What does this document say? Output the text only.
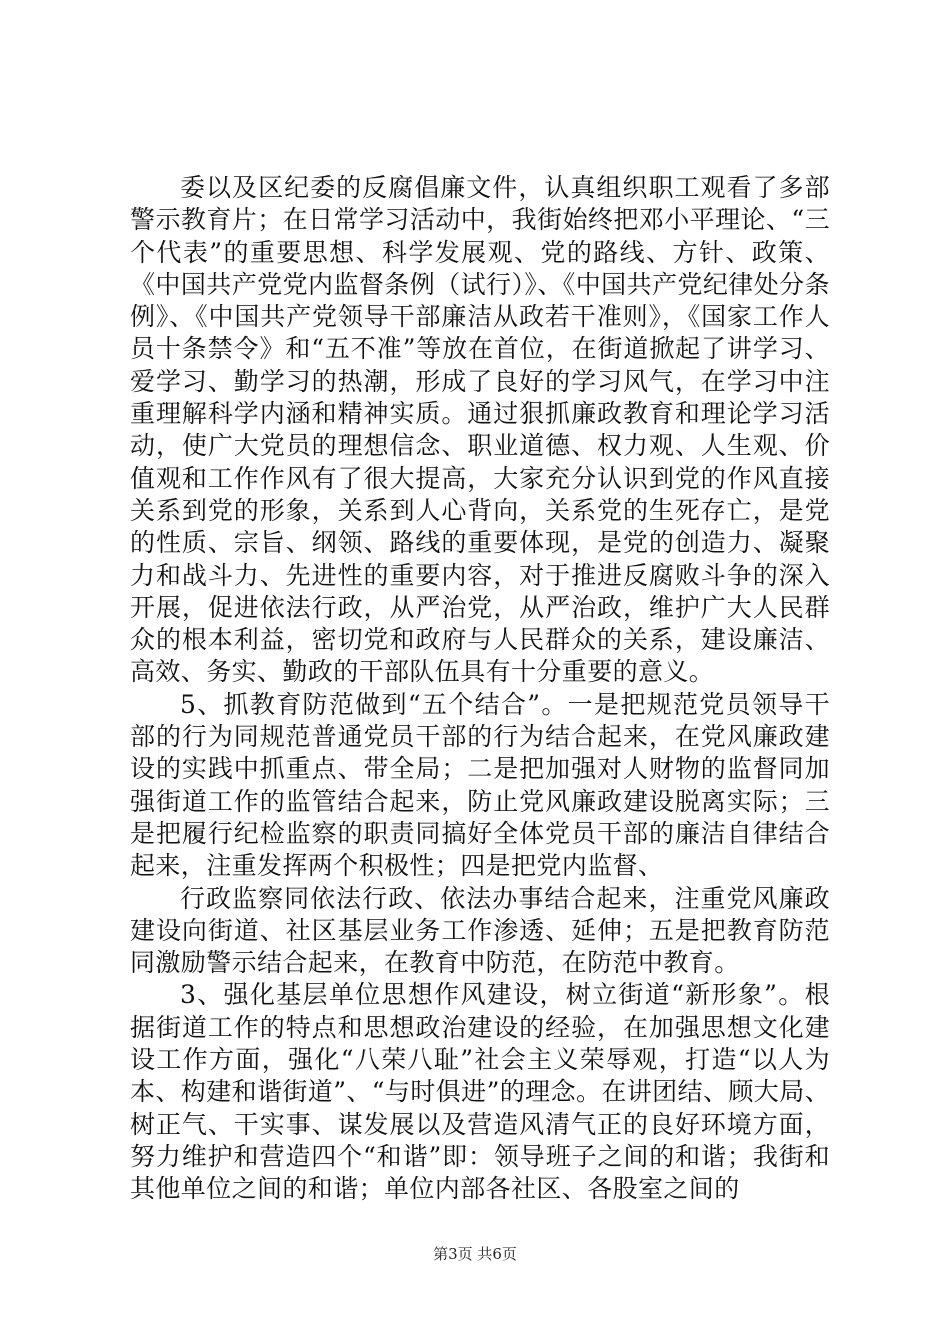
委以及区纪委的反腐倡廉文件，认真组织职工观看了多部警示教育片；在日常学习活动中，我街始终把邓小平理论、“三个代表”的重要思想、科学发展观、党的路线、方针、政策、《中国共产党党内监督条例（试行）》、《中国共产党纪律处分条例》、《中国共产党领导干部廉洁从政若干准则》，《国家工作人员十条禁令》和“五不准”等放在首位，在街道掀起了讲学习、爱学习、勤学习的热潮，形成了良好的学习风气，在学习中注重理解科学内涵和精神实质。通过狠抓廉政教育和理论学习活动，使广大党员的理想信念、职业道德、权力观、人生观、价值观和工作作风有了很大提高，大家充分认识到党的作风直接关系到党的形象，关系到人心背向，关系党的生死存亡，是党的性质、宗旨、纲领、路线的重要体现，是党的创造力、凝聚力和战斗力、先进性的重要内容，对于推进反腐败斗争的深入开展，促进依法行政，从严治党，从严治政，维护广大人民群众的根本利益，密切党和政府与人民群众的关系，建设廉洁、高效、务实、勤政的干部队伍具有十分重要的意义。

5、抓教育防范做到“五个结合”。一是把规范党员领导干部的行为同规范普通党员干部的行为结合起来，在党风廉政建设的实践中抓重点、带全局；二是把加强对人财物的监督同加强街道工作的监管结合起来，防止党风廉政建设脱离实际；三是把履行纪检监察的职责同搞好全体党员干部的廉洁自律结合起来，注重发挥两个积极性；四是把党内监督、

行政监察同依法行政、依法办事结合起来，注重党风廉政建设向街道、社区基层业务工作渗透、延伸；五是把教育防范同激励警示结合起来，在教育中防范，在防范中教育。

3、强化基层单位思想作风建设，树立街道“新形象”。根据街道工作的特点和思想政治建设的经验，在加强思想文化建设工作方面，强化“八荣八耻”社会主义荣辱观，打造“以人为本、构建和谐街道”、“与时俱进”的理念。在讲团结、顾大局、树正气、干实事、谋发展以及营造风清气正的良好环境方面，努力维护和营造四个“和谐”即：领导班子之间的和谐；我街和其他单位之间的和谐；单位内部各社区、各股室之间的

第3页 共6页
